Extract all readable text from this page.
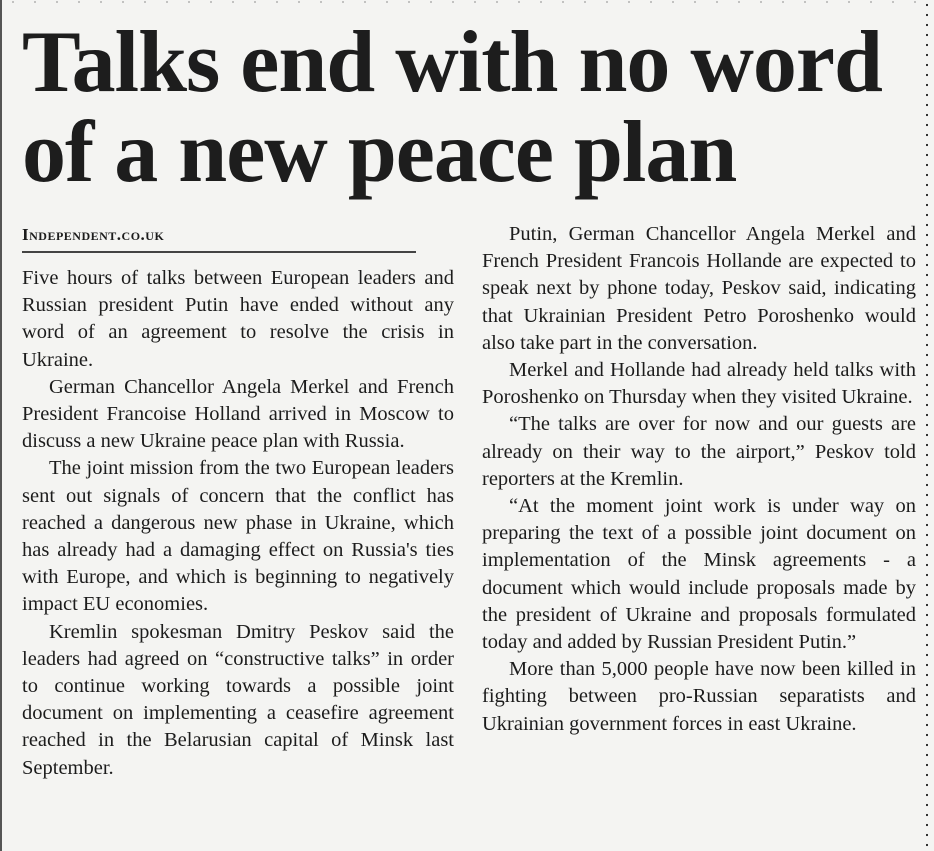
Talks end with no word of a new peace plan
Independent.co.uk

Five hours of talks between European leaders and Russian president Putin have ended without any word of an agreement to resolve the crisis in Ukraine.

German Chancellor Angela Merkel and French President Francoise Holland arrived in Moscow to discuss a new Ukraine peace plan with Russia.

The joint mission from the two European leaders sent out signals of concern that the conflict has reached a dangerous new phase in Ukraine, which has already had a damaging effect on Russia's ties with Europe, and which is beginning to negatively impact EU economies.

Kremlin spokesman Dmitry Peskov said the leaders had agreed on “constructive talks” in order to continue working towards a possible joint document on implementing a ceasefire agreement reached in the Belarusian capital of Minsk last September.

Putin, German Chancellor Angela Merkel and French President Francois Hollande are expected to speak next by phone today, Peskov said, indicating that Ukrainian President Petro Poroshenko would also take part in the conversation.

Merkel and Hollande had already held talks with Poroshenko on Thursday when they visited Ukraine.

“The talks are over for now and our guests are already on their way to the airport,” Peskov told reporters at the Kremlin.

“At the moment joint work is under way on preparing the text of a possible joint document on implementation of the Minsk agreements - a document which would include proposals made by the president of Ukraine and proposals formulated today and added by Russian President Putin.”

More than 5,000 people have now been killed in fighting between pro-Russian separatists and Ukrainian government forces in east Ukraine.
